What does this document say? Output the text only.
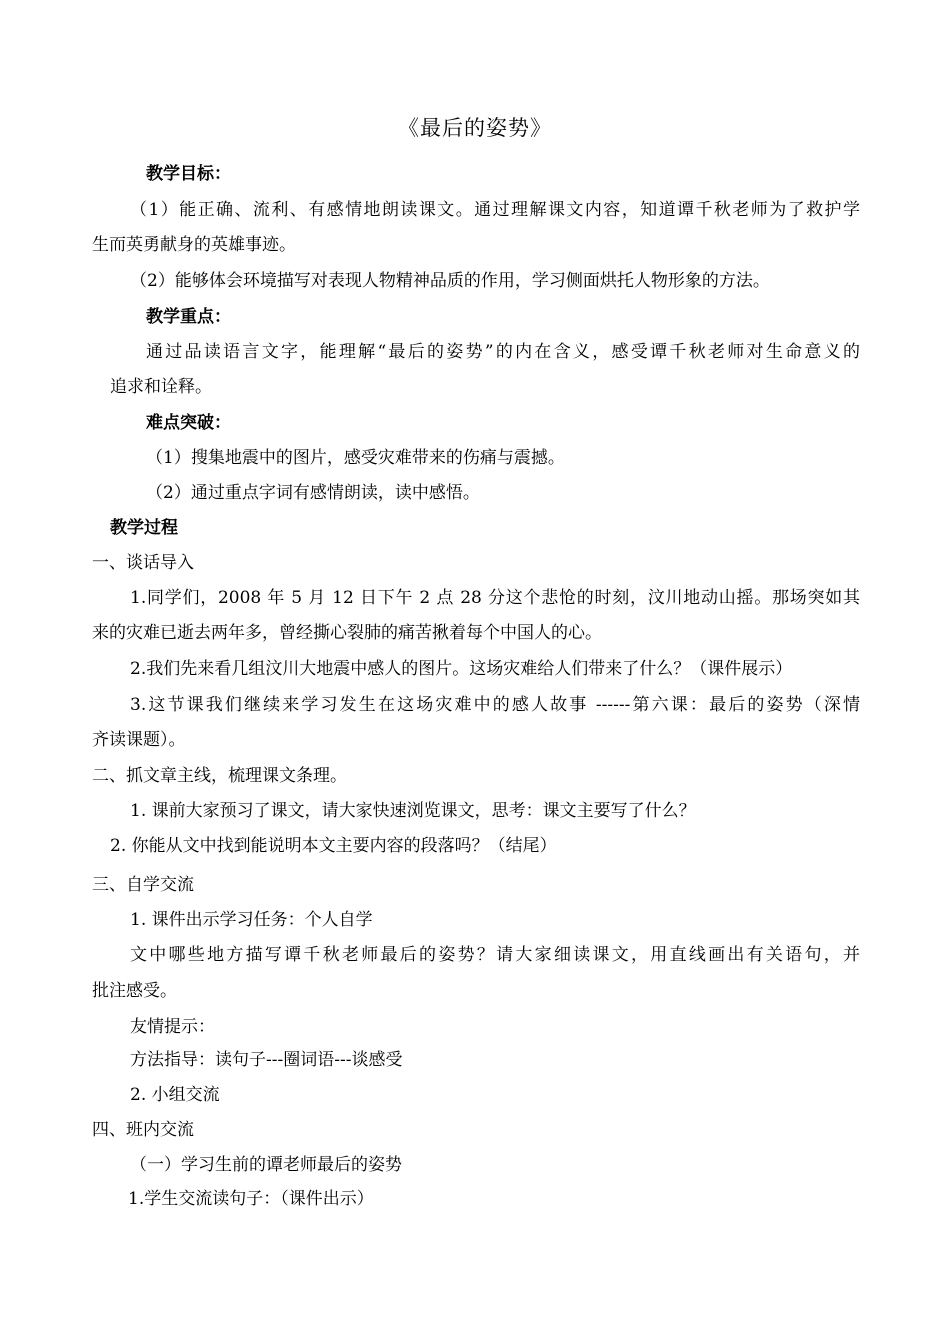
《最后的姿势》
教学目标：
（1）能正确、流利、有感情地朗读课文。通过理解课文内容，知道谭千秋老师为了救护学
生而英勇献身的英雄事迹。
（2）能够体会环境描写对表现人物精神品质的作用，学习侧面烘托人物形象的方法。
教学重点：
通过品读语言文字，能理解“最后的姿势”的内在含义，感受谭千秋老师对生命意义的
追求和诠释。
难点突破：
（1）搜集地震中的图片，感受灾难带来的伤痛与震撼。
（2）通过重点字词有感情朗读，读中感悟。
教学过程
一、谈话导入
1.同学们，2008 年 5 月 12 日下午 2 点 28 分这个悲怆的时刻，汶川地动山摇。那场突如其
来的灾难已逝去两年多，曾经撕心裂肺的痛苦揪着每个中国人的心。
2.我们先来看几组汶川大地震中感人的图片。这场灾难给人们带来了什么？（课件展示）
3.这节课我们继续来学习发生在这场灾难中的感人故事 ------第六课：最后的姿势（深情
齐读课题）。
二、抓文章主线，梳理课文条理。
1. 课前大家预习了课文，请大家快速浏览课文，思考：课文主要写了什么？
2. 你能从文中找到能说明本文主要内容的段落吗？（结尾）
三、自学交流
1. 课件出示学习任务：个人自学
文中哪些地方描写谭千秋老师最后的姿势？请大家细读课文，用直线画出有关语句，并
批注感受。
友情提示：
方法指导：读句子---圈词语---谈感受
2. 小组交流
四、班内交流
（一）学习生前的谭老师最后的姿势
1.学生交流读句子：（课件出示）
